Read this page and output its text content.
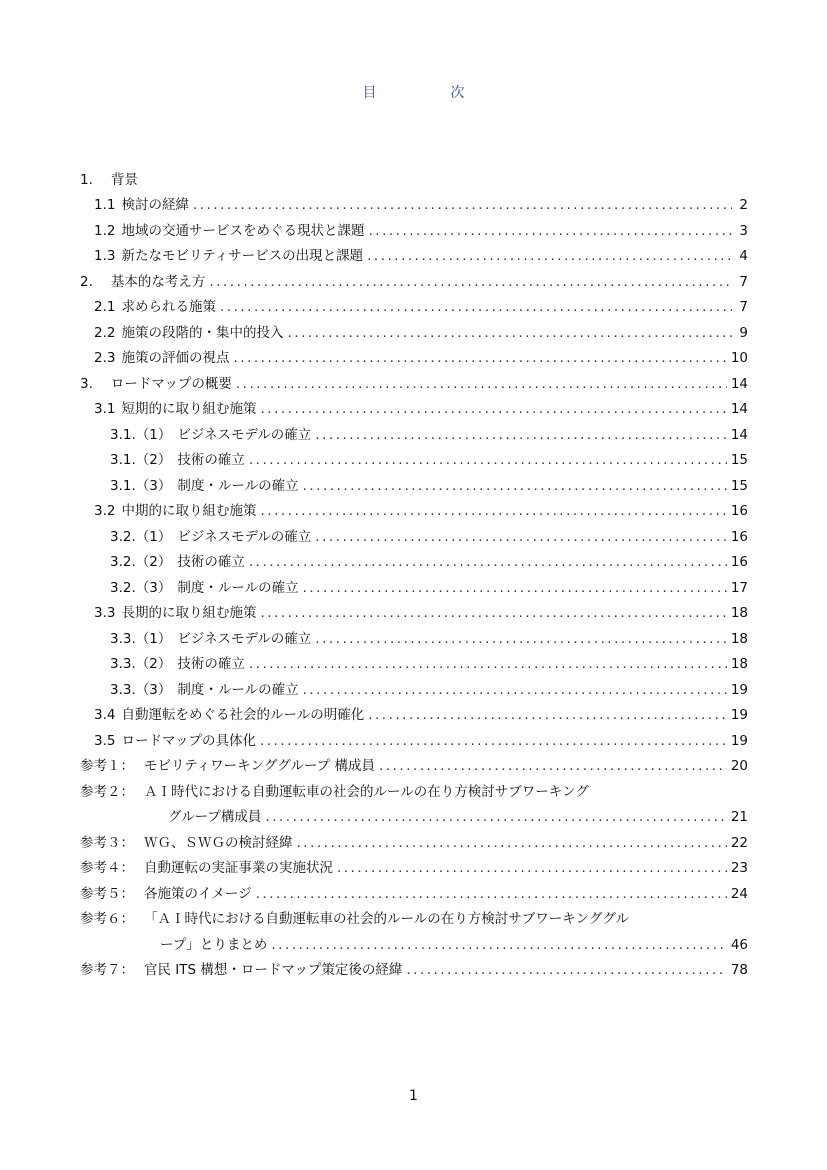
目　次
1. 背景
1.1 検討の経緯 .....	2
1.2 地域の交通サービスをめぐる現状と課題 .....	3
1.3 新たなモビリティサービスの出現と課題 .....	4
2. 基本的な考え方 .....	7
2.1 求められる施策 .....	7
2.2 施策の段階的・集中的投入 .....	9
2.3 施策の評価の視点 .....	10
3. ロードマップの概要 .....	14
3.1 短期的に取り組む施策 .....	14
3.1.（1） ビジネスモデルの確立 .....	14
3.1.（2） 技術の確立 .....	15
3.1.（3） 制度・ルールの確立 .....	15
3.2 中期的に取り組む施策 .....	16
3.2.（1） ビジネスモデルの確立 .....	16
3.2.（2） 技術の確立 .....	16
3.2.（3） 制度・ルールの確立 .....	17
3.3 長期的に取り組む施策 .....	18
3.3.（1） ビジネスモデルの確立 .....	18
3.3.（2） 技術の確立 .....	18
3.3.（3） 制度・ルールの確立 .....	19
3.4 自動運転をめぐる社会的ルールの明確化 .....	19
3.5 ロードマップの具体化 .....	19
参考１： モビリティワーキンググループ 構成員 .....	20
参考２： ＡＩ時代における自動運転車の社会的ルールの在り方検討サブワーキング
グループ構成員 .....	21
参考３： ＷＧ、ＳＷＧの検討経緯 .....	22
参考４： 自動運転の実証事業の実施状況 .....	23
参考５： 各施策のイメージ .....	24
参考６： 「ＡＩ時代における自動運転車の社会的ルールの在り方検討サブワーキンググル
ープ」とりまとめ .....	46
参考７： 官民 ITS 構想・ロードマップ策定後の経緯 .....	78
1
